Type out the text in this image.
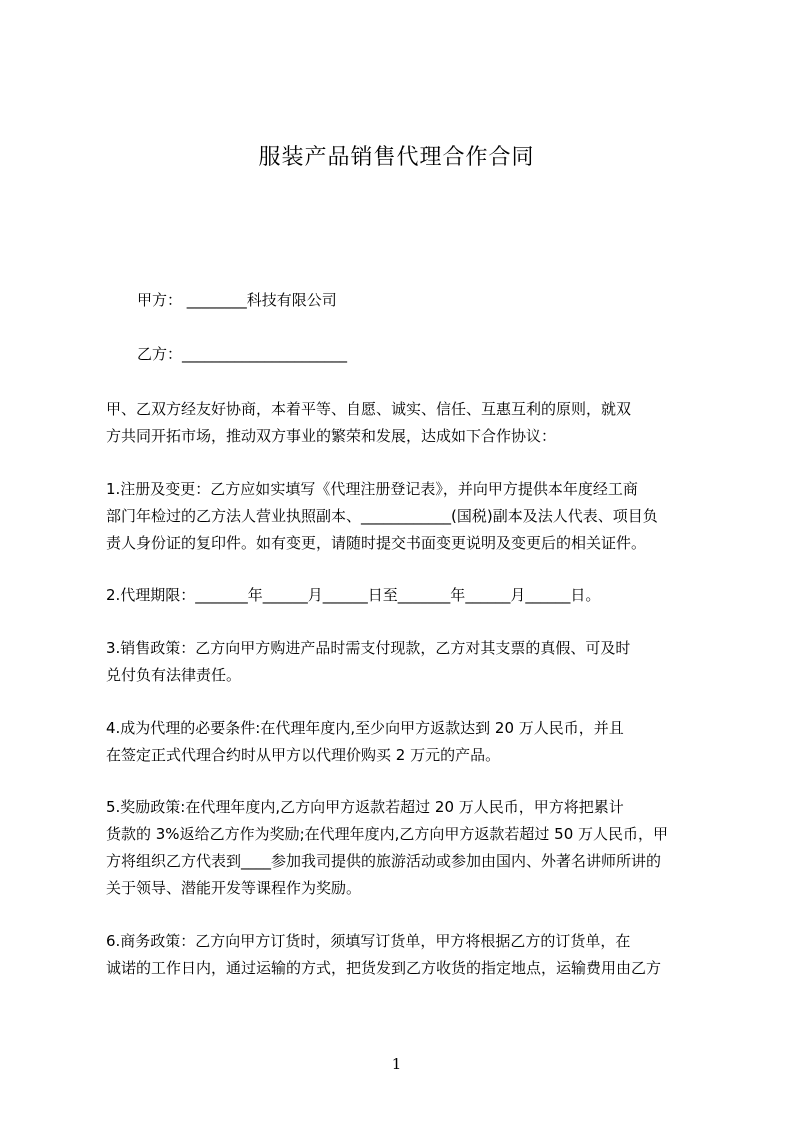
服装产品销售代理合作合同
甲方： ________科技有限公司
乙方：______________________
甲、乙双方经友好协商，本着平等、自愿、诚实、信任、互惠互利的原则，就双
方共同开拓市场，推动双方事业的繁荣和发展，达成如下合作协议：
1.注册及变更：乙方应如实填写《代理注册登记表》，并向甲方提供本年度经工商
部门年检过的乙方法人营业执照副本、____________(国税)副本及法人代表、项目负
责人身份证的复印件。如有变更，请随时提交书面变更说明及变更后的相关证件。
2.代理期限：_______年______月______日至_______年______月______日。
3.销售政策：乙方向甲方购进产品时需支付现款，乙方对其支票的真假、可及时
兑付负有法律责任。
4.成为代理的必要条件:在代理年度内,至少向甲方返款达到 20 万人民币，并且
在签定正式代理合约时从甲方以代理价购买 2 万元的产品。
5.奖励政策:在代理年度内,乙方向甲方返款若超过 20 万人民币，甲方将把累计
货款的 3%返给乙方作为奖励;在代理年度内,乙方向甲方返款若超过 50 万人民币，甲
方将组织乙方代表到____参加我司提供的旅游活动或参加由国内、外著名讲师所讲的
关于领导、潜能开发等课程作为奖励。
6.商务政策：乙方向甲方订货时，须填写订货单，甲方将根据乙方的订货单，在
诚诺的工作日内，通过运输的方式，把货发到乙方收货的指定地点，运输费用由乙方
1
